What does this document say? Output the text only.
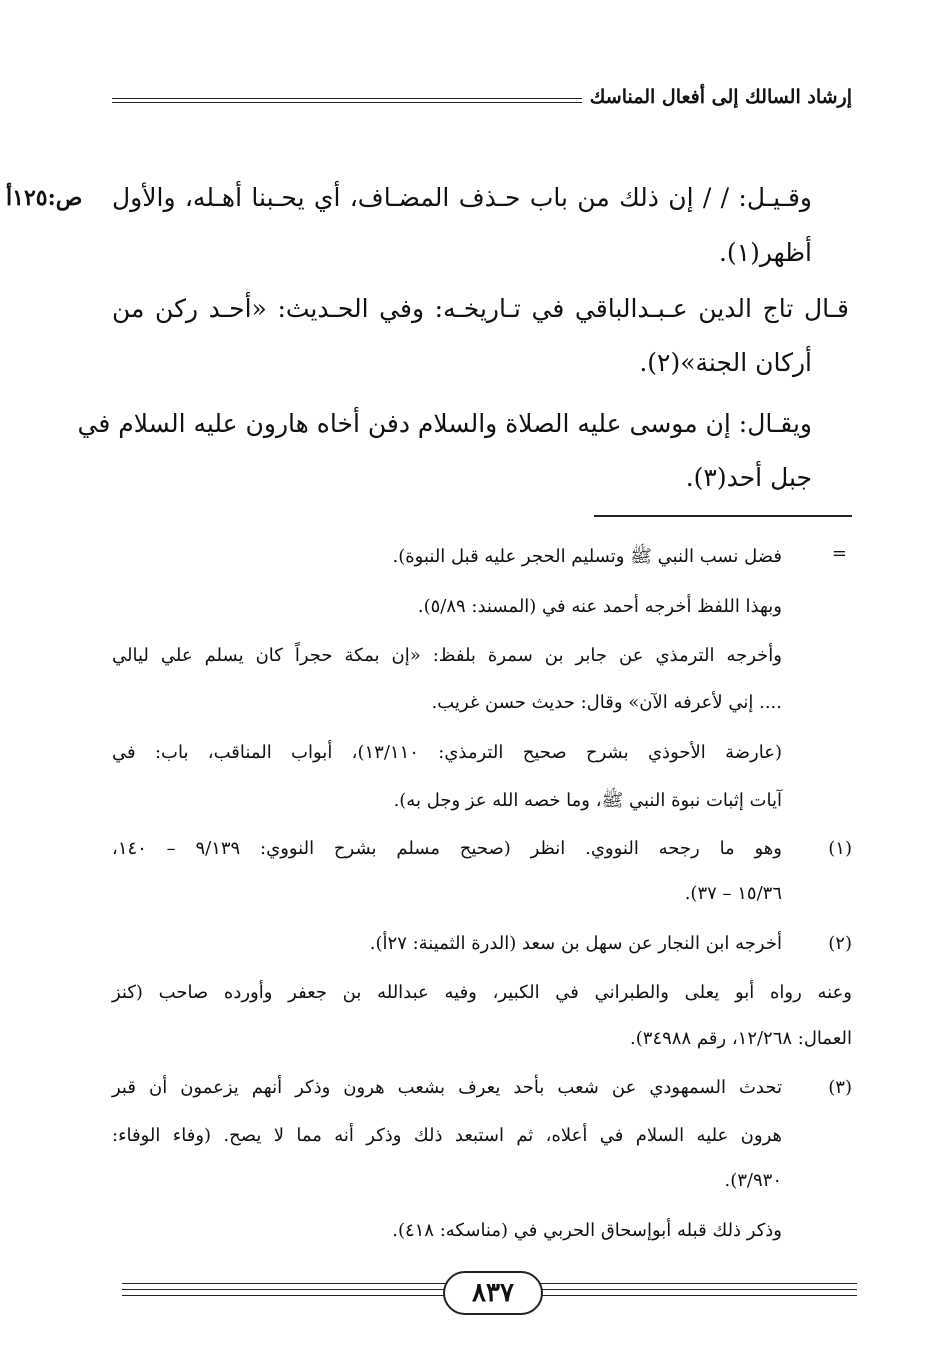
إرشاد السالك إلى أفعال المناسك
ص:١٢٥أ وقـيـل: / / إن ذلك من باب حـذف المضـاف، أي يحـبنا أهـله، والأول
أظهر(١).
قـال تاج الدين عـبـدالباقي في تـاريخـه: وفي الحـديث: «أحـد ركن من
أركان الجنة»(٢).
ويقـال: إن موسى عليه الصلاة والسلام دفن أخاه هارون عليه السلام في
جبل أحد(٣).
=
فضل نسب النبي ﷺ وتسليم الحجر عليه قبل النبوة).
وبهذا اللفظ أخرجه أحمد عنه في (المسند: ٥/٨٩).
وأخرجه الترمذي عن جابر بن سمرة بلفظ: «إن بمكة حجراً كان يسلم علي ليالي
.... إني لأعرفه الآن» وقال: حديث حسن غريب.
(عارضة الأحوذي بشرح صحيح الترمذي: ١٣/١١٠)، أبواب المناقب، باب: في
آيات إثبات نبوة النبي ﷺ، وما خصه الله عز وجل به).
(١)
وهو ما رجحه النووي. انظر (صحيح مسلم بشرح النووي: ٩/١٣٩ – ١٤٠،
١٥/٣٦ – ٣٧).
(٢)
أخرجه ابن النجار عن سهل بن سعد (الدرة الثمينة: ٢٧أ).
وعنه رواه أبو يعلى والطبراني في الكبير، وفيه عبدالله بن جعفر وأورده صاحب (كنز
العمال: ١٢/٢٦٨، رقم ٣٤٩٨٨).
(٣)
تحدث السمهودي عن شعب بأحد يعرف بشعب هرون وذكر أنهم يزعمون أن قبر
هرون عليه السلام في أعلاه، ثم استبعد ذلك وذكر أنه مما لا يصح. (وفاء الوفاء:
٣/٩٣٠).
وذكر ذلك قبله أبوإسحاق الحربي في (مناسكه: ٤١٨).
٨٣٧
